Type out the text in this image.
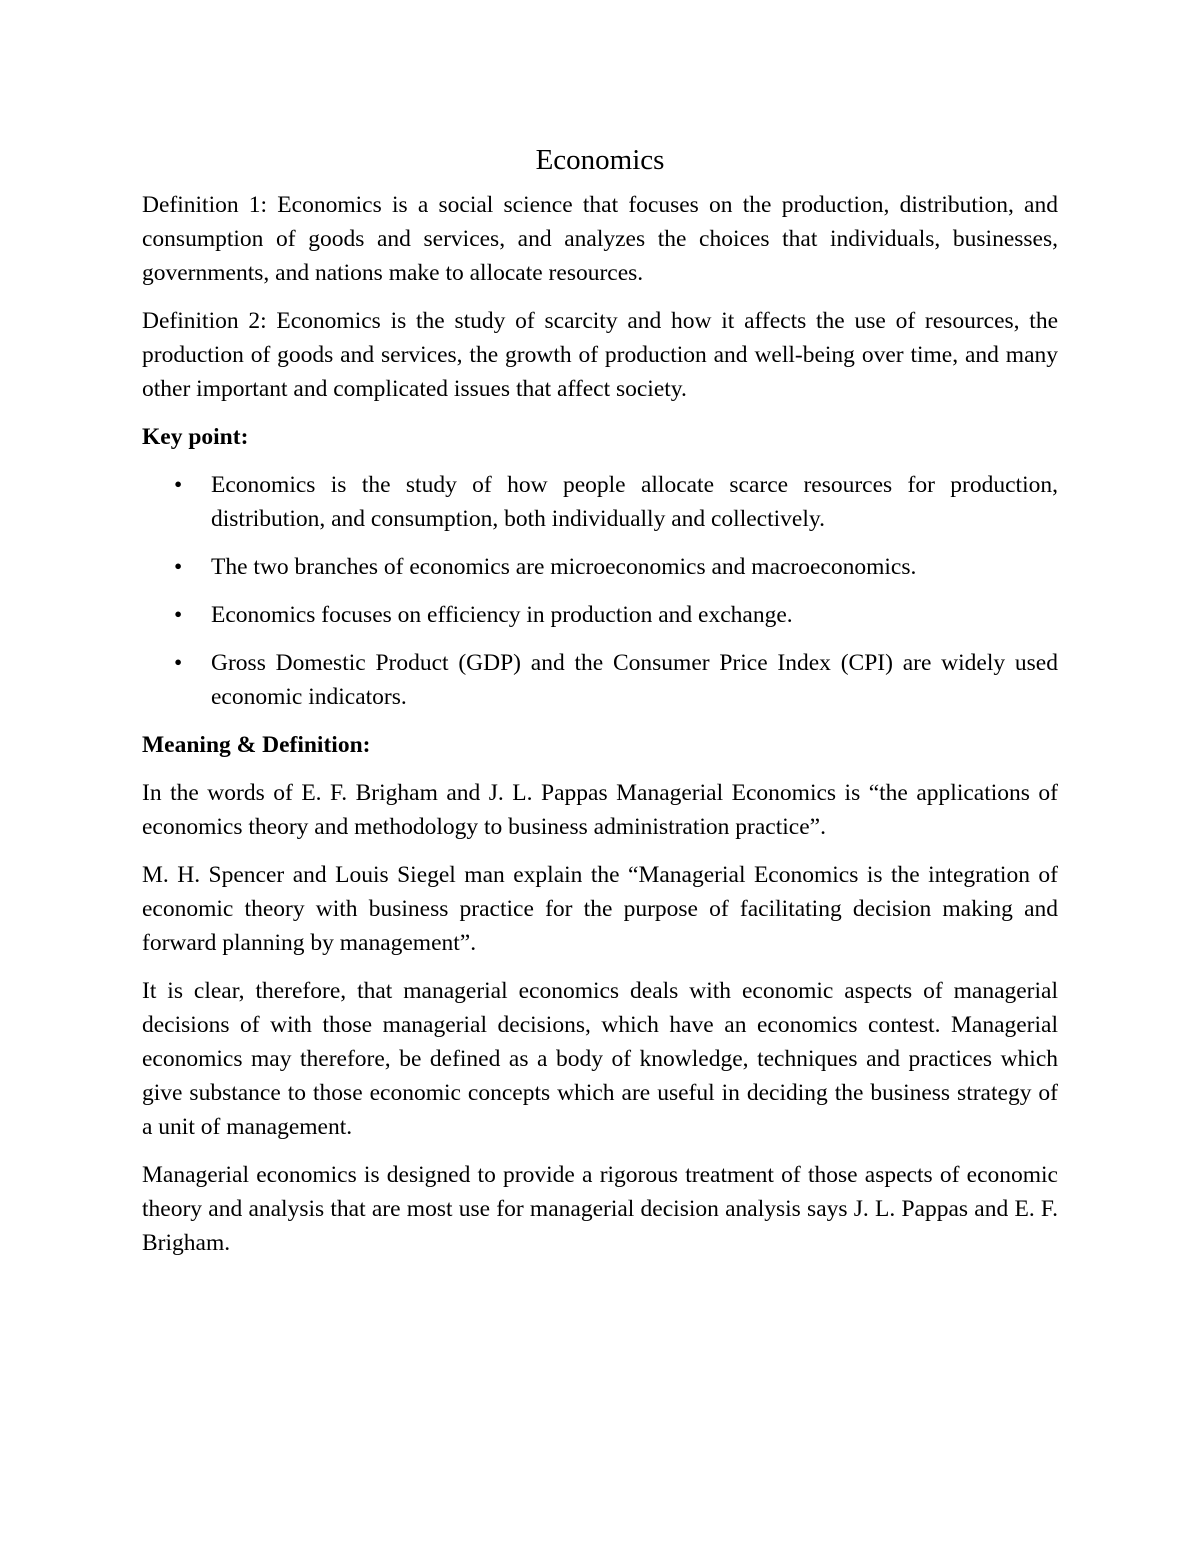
Economics

Definition 1: Economics is a social science that focuses on the production, distribution, and consumption of goods and services, and analyzes the choices that individuals, businesses, governments, and nations make to allocate resources.

Definition 2: Economics is the study of scarcity and how it affects the use of resources, the production of goods and services, the growth of production and well-being over time, and many other important and complicated issues that affect society.

Key point:
• Economics is the study of how people allocate scarce resources for production, distribution, and consumption, both individually and collectively.
• The two branches of economics are microeconomics and macroeconomics.
• Economics focuses on efficiency in production and exchange.
• Gross Domestic Product (GDP) and the Consumer Price Index (CPI) are widely used economic indicators.
Meaning & Definition:

In the words of E. F. Brigham and J. L. Pappas Managerial Economics is “the applications of economics theory and methodology to business administration practice”.

M. H. Spencer and Louis Siegel man explain the “Managerial Economics is the integration of economic theory with business practice for the purpose of facilitating decision making and forward planning by management”.

It is clear, therefore, that managerial economics deals with economic aspects of managerial decisions of with those managerial decisions, which have an economics contest. Managerial economics may therefore, be defined as a body of knowledge, techniques and practices which give substance to those economic concepts which are useful in deciding the business strategy of a unit of management.

Managerial economics is designed to provide a rigorous treatment of those aspects of economic theory and analysis that are most use for managerial decision analysis says J. L. Pappas and E. F. Brigham.
